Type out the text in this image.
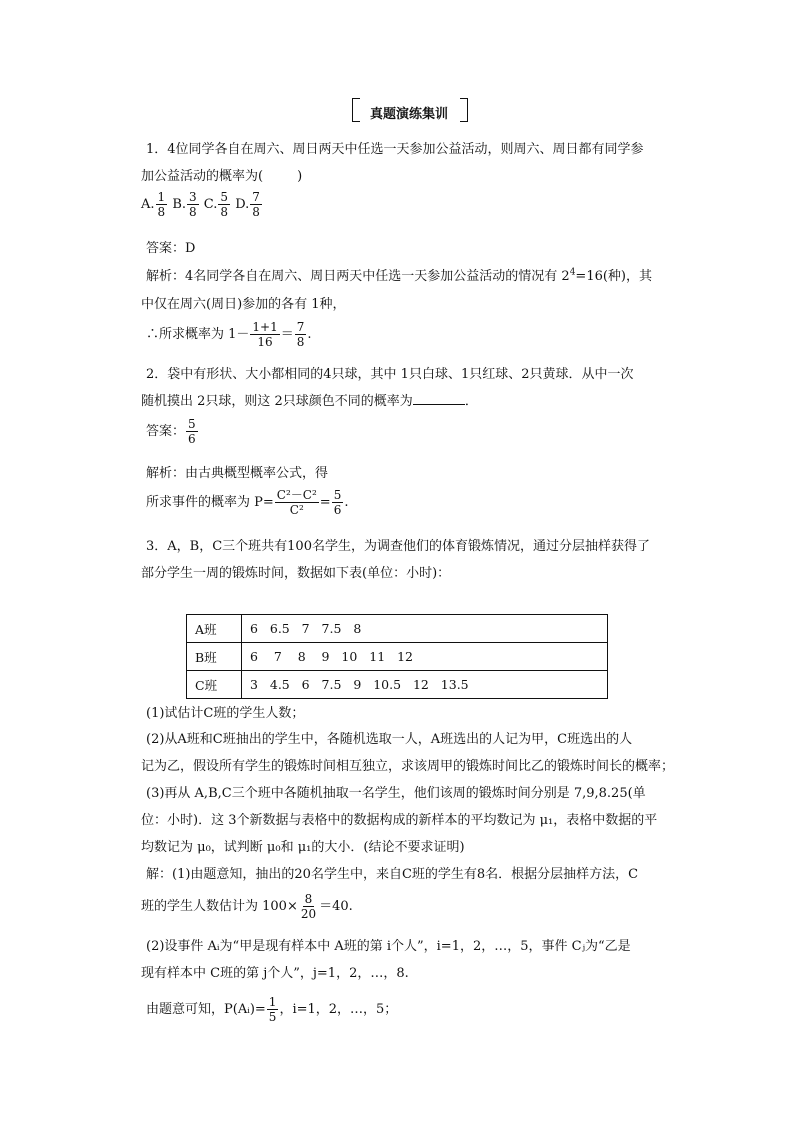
真题演练集训
1．4位同学各自在周六、周日两天中任选一天参加公益活动，则周六、周日都有同学参
加公益活动的概率为(	)
A. $\frac{1}{8} B$. $\frac{3}{8} C$. $\frac{5}{8} D$. $\frac{7}{8}$
答案：D
解析：4名同学各自在周六、周日两天中任选一天参加公益活动的情况有 $2^4=16$(种)，其
中仅在周六(周日)参加的各有 1种，
∴所求概率为 $1- \frac{1+1}{16} = \frac{7}{8}$ .
2．袋中有形状、大小都相同的4只球，其中 1只白球、1只红球、2只黄球．从中一次
随机摸出 2只球，则这 2只球颜色不同的概率为	．
答案： $\frac{5}{6}$
解析：由古典概型概率公式，得
所求事件的概率为 $P= \frac{\text{C²－C²}}{\text{C²}} = \frac{5}{6}$ .
3．A，B，C三个班共有100名学生，为调查他们的体育锻炼情况，通过分层抽样获得了
部分学生一周的锻炼时间，数据如下表(单位：小时)：
A班	6   6.5   7   7.5   8
B班	6    7    8    9   10   11   12
C班	3   4.5   6   7.5   9   10.5   12   13.5
(1)试估计C班的学生人数；
(2)从A班和C班抽出的学生中，各随机选取一人，A班选出的人记为甲，C班选出的人
记为乙，假设所有学生的锻炼时间相互独立，求该周甲的锻炼时间比乙的锻炼时间长的概率；
(3)再从 A,B,C三个班中各随机抽取一名学生，他们该周的锻炼时间分别是 7,9,8.25(单
位：小时)．这 3个新数据与表格中的数据构成的新样本的平均数记为 μ₁，表格中数据的平
均数记为 μ₀，试判断 μ₀和 μ₁的大小．(结论不要求证明)
解：(1)由题意知，抽出的20名学生中，来自C班的学生有8名．根据分层抽样方法，C
班的学生人数估计为 $100\times \frac{8}{20} =40$.
(2)设事件 Aᵢ为“甲是现有样本中 A班的第 i个人”，i=1，2，…，5，事件 Cⱼ为“乙是
现有样本中 C班的第 j个人”，j=1，2，…，8.
由题意可知，P(Aᵢ)= $\frac{1}{5}$ ，i=1，2，…，5；
